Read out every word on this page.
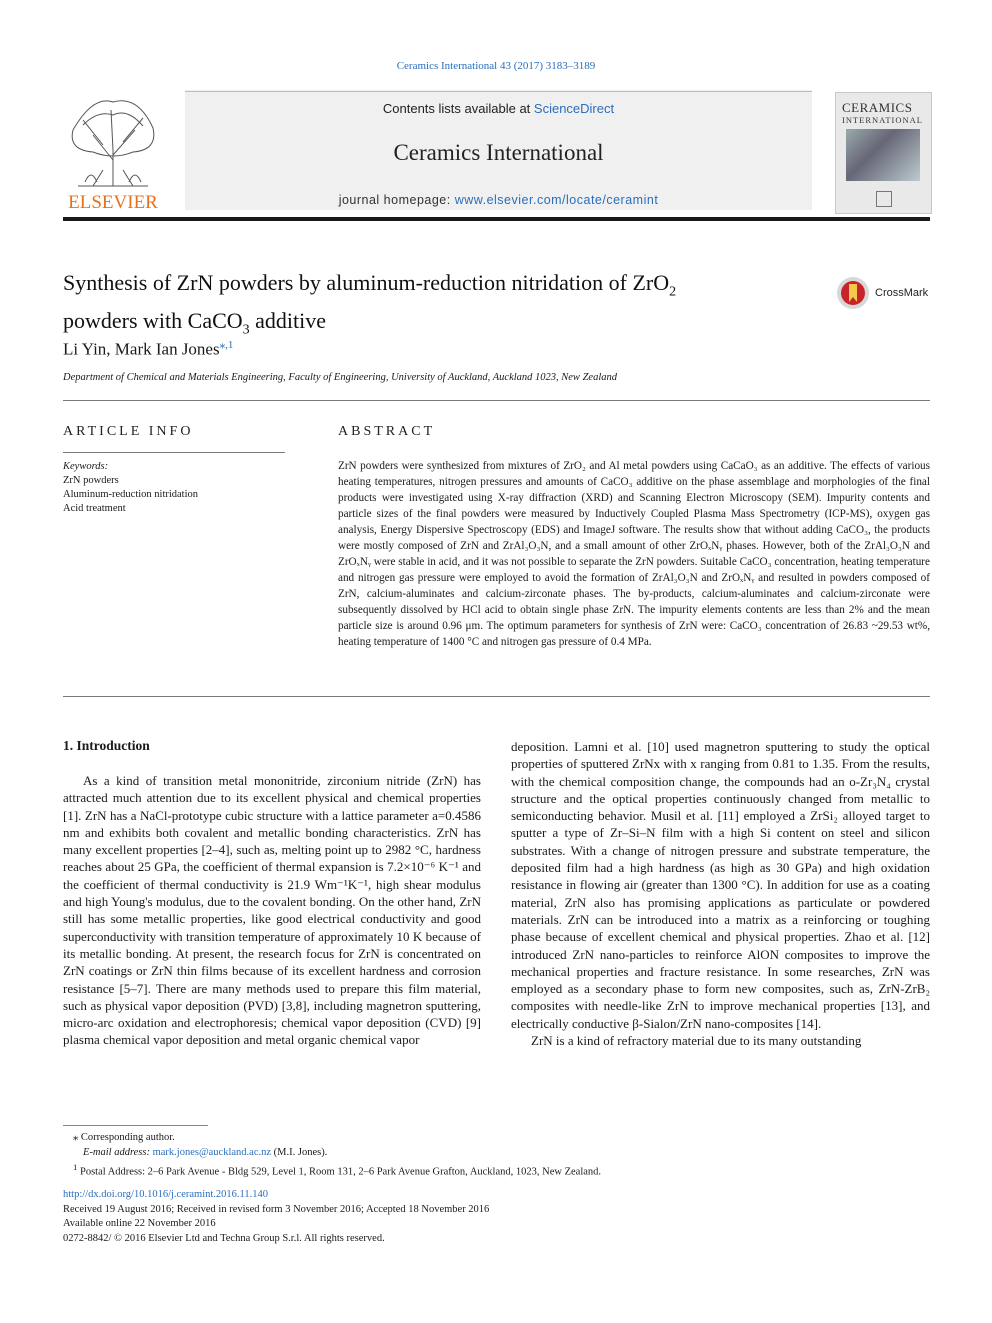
Ceramics International 43 (2017) 3183–3189
ELSEVIER
Contents lists available at ScienceDirect
Ceramics International
journal homepage: www.elsevier.com/locate/ceramint
CERAMICS
INTERNATIONAL
Synthesis of ZrN powders by aluminum-reduction nitridation of ZrO$_2$
powders with CaCO$_3$ additive
CrossMark
Li Yin, Mark Ian Jones$^{⁎,1}$
Department of Chemical and Materials Engineering, Faculty of Engineering, University of Auckland, Auckland 1023, New Zealand
ARTICLE INFO
Keywords:
ZrN powders
Aluminum-reduction nitridation
Acid treatment
ABSTRACT
ZrN powders were synthesized from mixtures of ZrO₂ and Al metal powders using CaCaO₃ as an additive. The effects of various heating temperatures, nitrogen pressures and amounts of CaCO₃ additive on the phase assemblage and morphologies of the final products were investigated using X-ray diffraction (XRD) and Scanning Electron Microscopy (SEM). Impurity contents and particle sizes of the final powders were measured by Inductively Coupled Plasma Mass Spectrometry (ICP-MS), oxygen gas analysis, Energy Dispersive Spectroscopy (EDS) and ImageJ software. The results show that without adding CaCO₃, the products were mostly composed of ZrN and ZrAl₃O₃N, and a small amount of other ZrOₓNᵧ phases. However, both of the ZrAl₃O₃N and ZrOₓNᵧ were stable in acid, and it was not possible to separate the ZrN powders. Suitable CaCO₃ concentration, heating temperature and nitrogen gas pressure were employed to avoid the formation of ZrAl₃O₃N and ZrOₓNᵧ and resulted in powders composed of ZrN, calcium-aluminates and calcium-zirconate phases. The by-products, calcium-aluminates and calcium-zirconate were subsequently dissolved by HCl acid to obtain single phase ZrN. The impurity elements contents are less than 2% and the mean particle size is around 0.96 μm. The optimum parameters for synthesis of ZrN were: CaCO₃ concentration of 26.83 ~29.53 wt%, heating temperature of 1400 °C and nitrogen gas pressure of 0.4 MPa.
1. Introduction
As a kind of transition metal mononitride, zirconium nitride (ZrN) has attracted much attention due to its excellent physical and chemical properties [1]. ZrN has a NaCl-prototype cubic structure with a lattice parameter a=0.4586 nm and exhibits both covalent and metallic bonding characteristics. ZrN has many excellent properties [2–4], such as, melting point up to 2982 °C, hardness reaches about 25 GPa, the coefficient of thermal expansion is 7.2×10⁻⁶ K⁻¹ and the coefficient of thermal conductivity is 21.9 Wm⁻¹K⁻¹, high shear modulus and high Young's modulus, due to the covalent bonding. On the other hand, ZrN still has some metallic properties, like good electrical conductivity and good superconductivity with transition temperature of approximately 10 K because of its metallic bonding. At present, the research focus for ZrN is concentrated on ZrN coatings or ZrN thin films because of its excellent hardness and corrosion resistance [5–7]. There are many methods used to prepare this film material, such as physical vapor deposition (PVD) [3,8], including magnetron sputtering, micro-arc oxidation and electrophoresis; chemical vapor deposition (CVD) [9] plasma chemical vapor deposition and metal organic chemical vapor
deposition. Lamni et al. [10] used magnetron sputtering to study the optical properties of sputtered ZrNx with x ranging from 0.81 to 1.35. From the results, with the chemical composition change, the compounds had an o-Zr₃N₄ crystal structure and the optical properties continuously changed from metallic to semiconducting behavior. Musil et al. [11] employed a ZrSi₂ alloyed target to sputter a type of Zr–Si–N film with a high Si content on steel and silicon substrates. With a change of nitrogen pressure and substrate temperature, the deposited film had a high hardness (as high as 30 GPa) and high oxidation resistance in flowing air (greater than 1300 °C). In addition for use as a coating material, ZrN also has promising applications as particulate or powdered materials. ZrN can be introduced into a matrix as a reinforcing or toughing phase because of excellent chemical and physical properties. Zhao et al. [12] introduced ZrN nano-particles to reinforce AlON composites to improve the mechanical properties and fracture resistance. In some researches, ZrN was employed as a secondary phase to form new composites, such as, ZrN-ZrB₂ composites with needle-like ZrN to improve mechanical properties [13], and electrically conductive β-Sialon/ZrN nano-composites [14].
ZrN is a kind of refractory material due to its many outstanding
⁎ Corresponding author.
E-mail address: mark.jones@auckland.ac.nz (M.I. Jones).
$^1$ Postal Address: 2–6 Park Avenue - Bldg 529, Level 1, Room 131, 2–6 Park Avenue Grafton, Auckland, 1023, New Zealand.
http://dx.doi.org/10.1016/j.ceramint.2016.11.140
Received 19 August 2016; Received in revised form 3 November 2016; Accepted 18 November 2016
Available online 22 November 2016
0272-8842/ © 2016 Elsevier Ltd and Techna Group S.r.l. All rights reserved.
